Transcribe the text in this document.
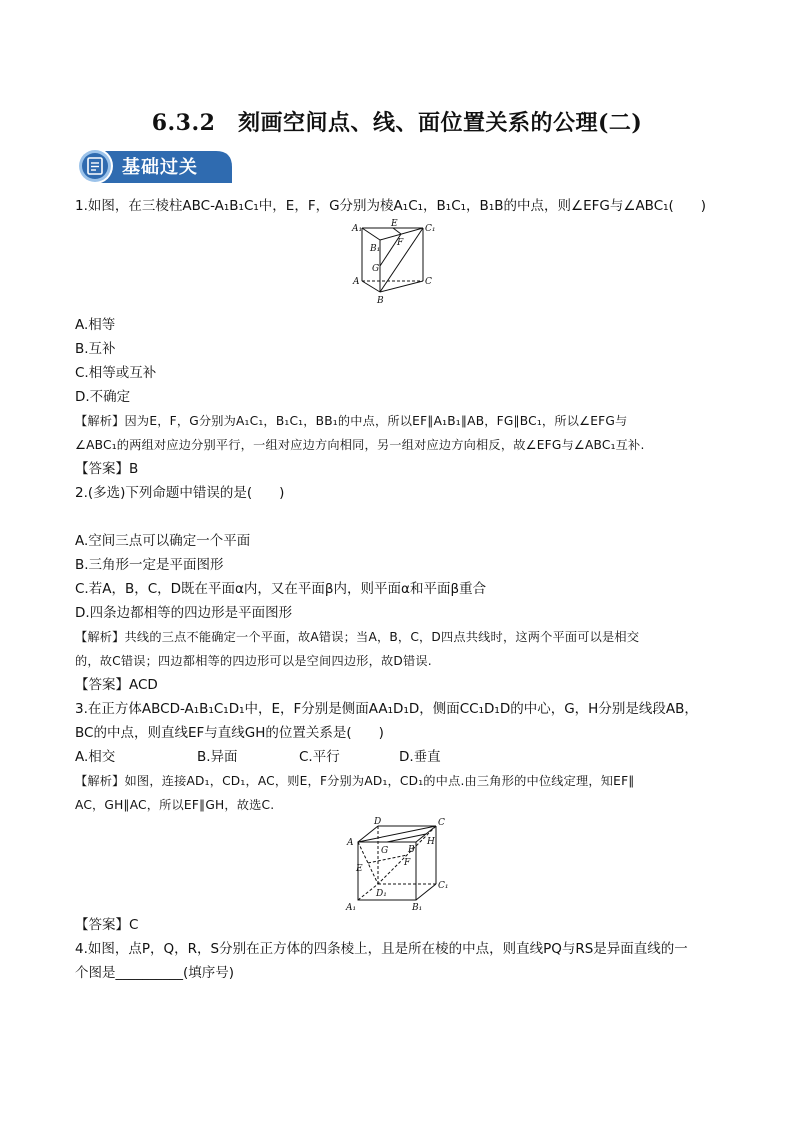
6.3.2　刻画空间点、线、面位置关系的公理(二)
基础过关
1.如图，在三棱柱ABC-A₁B₁C₁中，E，F，G分别为棱A₁C₁，B₁C₁，B₁B的中点，则∠EFG与∠ABC₁(　　)
A₁	E	C₁
B₁
F
G
A	C
B
A.相等
B.互补
C.相等或互补
D.不确定
【解析】因为E，F，G分别为A₁C₁，B₁C₁，BB₁的中点，所以EF∥A₁B₁∥AB，FG∥BC₁，所以∠EFG与
∠ABC₁的两组对应边分别平行，一组对应边方向相同，另一组对应边方向相反，故∠EFG与∠ABC₁互补.
【答案】B
2.(多选)下列命题中错误的是(　　)
A.空间三点可以确定一个平面
B.三角形一定是平面图形
C.若A，B，C，D既在平面α内，又在平面β内，则平面α和平面β重合
D.四条边都相等的四边形是平面图形
【解析】共线的三点不能确定一个平面，故A错误；当A，B，C，D四点共线时，这两个平面可以是相交
的，故C错误；四边都相等的四边形可以是空间四边形，故D错误.
【答案】ACD
3.在正方体ABCD-A₁B₁C₁D₁中，E，F分别是侧面AA₁D₁D，侧面CC₁D₁D的中心，G，H分别是线段AB，
BC的中点，则直线EF与直线GH的位置关系是(　　)
A.相交	B.异面	C.平行	D.垂直
【解析】如图，连接AD₁，CD₁，AC，则E，F分别为AD₁，CD₁的中点.由三角形的中位线定理，知EF∥
AC，GH∥AC，所以EF∥GH，故选C.
D	C
A
G B
H
F
E
D₁
C₁
A₁	B₁
【答案】C
4.如图，点P，Q，R，S分别在正方体的四条棱上，且是所在棱的中点，则直线PQ与RS是异面直线的一
个图是__________(填序号)
